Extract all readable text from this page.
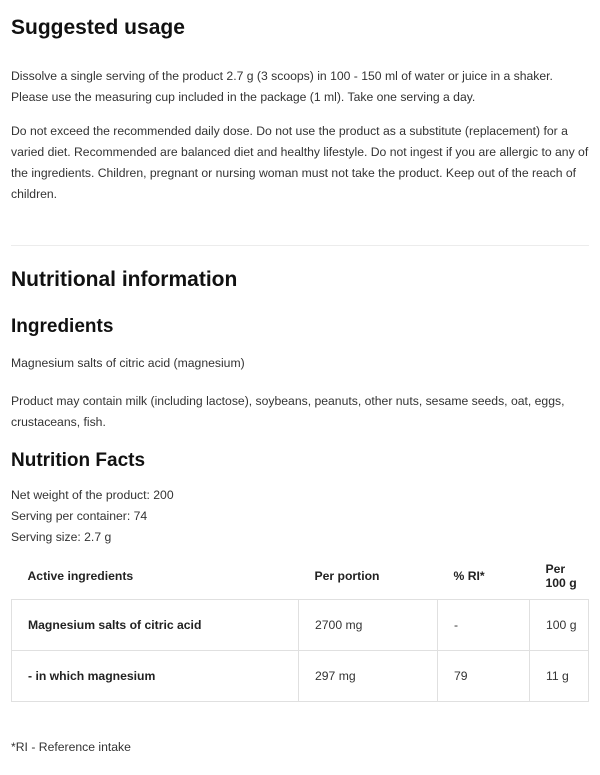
Suggested usage

Dissolve a single serving of the product 2.7 g (3 scoops) in 100 - 150 ml of water or juice in a shaker. Please use the measuring cup included in the package (1 ml). Take one serving a day.

Do not exceed the recommended daily dose. Do not use the product as a substitute (replacement) for a varied diet. Recommended are balanced diet and healthy lifestyle. Do not ingest if you are allergic to any of the ingredients. Children, pregnant or nursing woman must not take the product. Keep out of the reach of children.

Nutritional information
Ingredients

Magnesium salts of citric acid (magnesium)

Product may contain milk (including lactose), soybeans, peanuts, other nuts, sesame seeds, oat, eggs, crustaceans, fish.

Nutrition Facts
Net weight of the product: 200
Serving per container: 74
Serving size: 2.7 g
Active ingredients	Per portion	% RI*	Per 100 g
Magnesium salts of citric acid	2700 mg	-	100 g
- in which magnesium	297 mg	79	11 g
*RI - Reference intake
